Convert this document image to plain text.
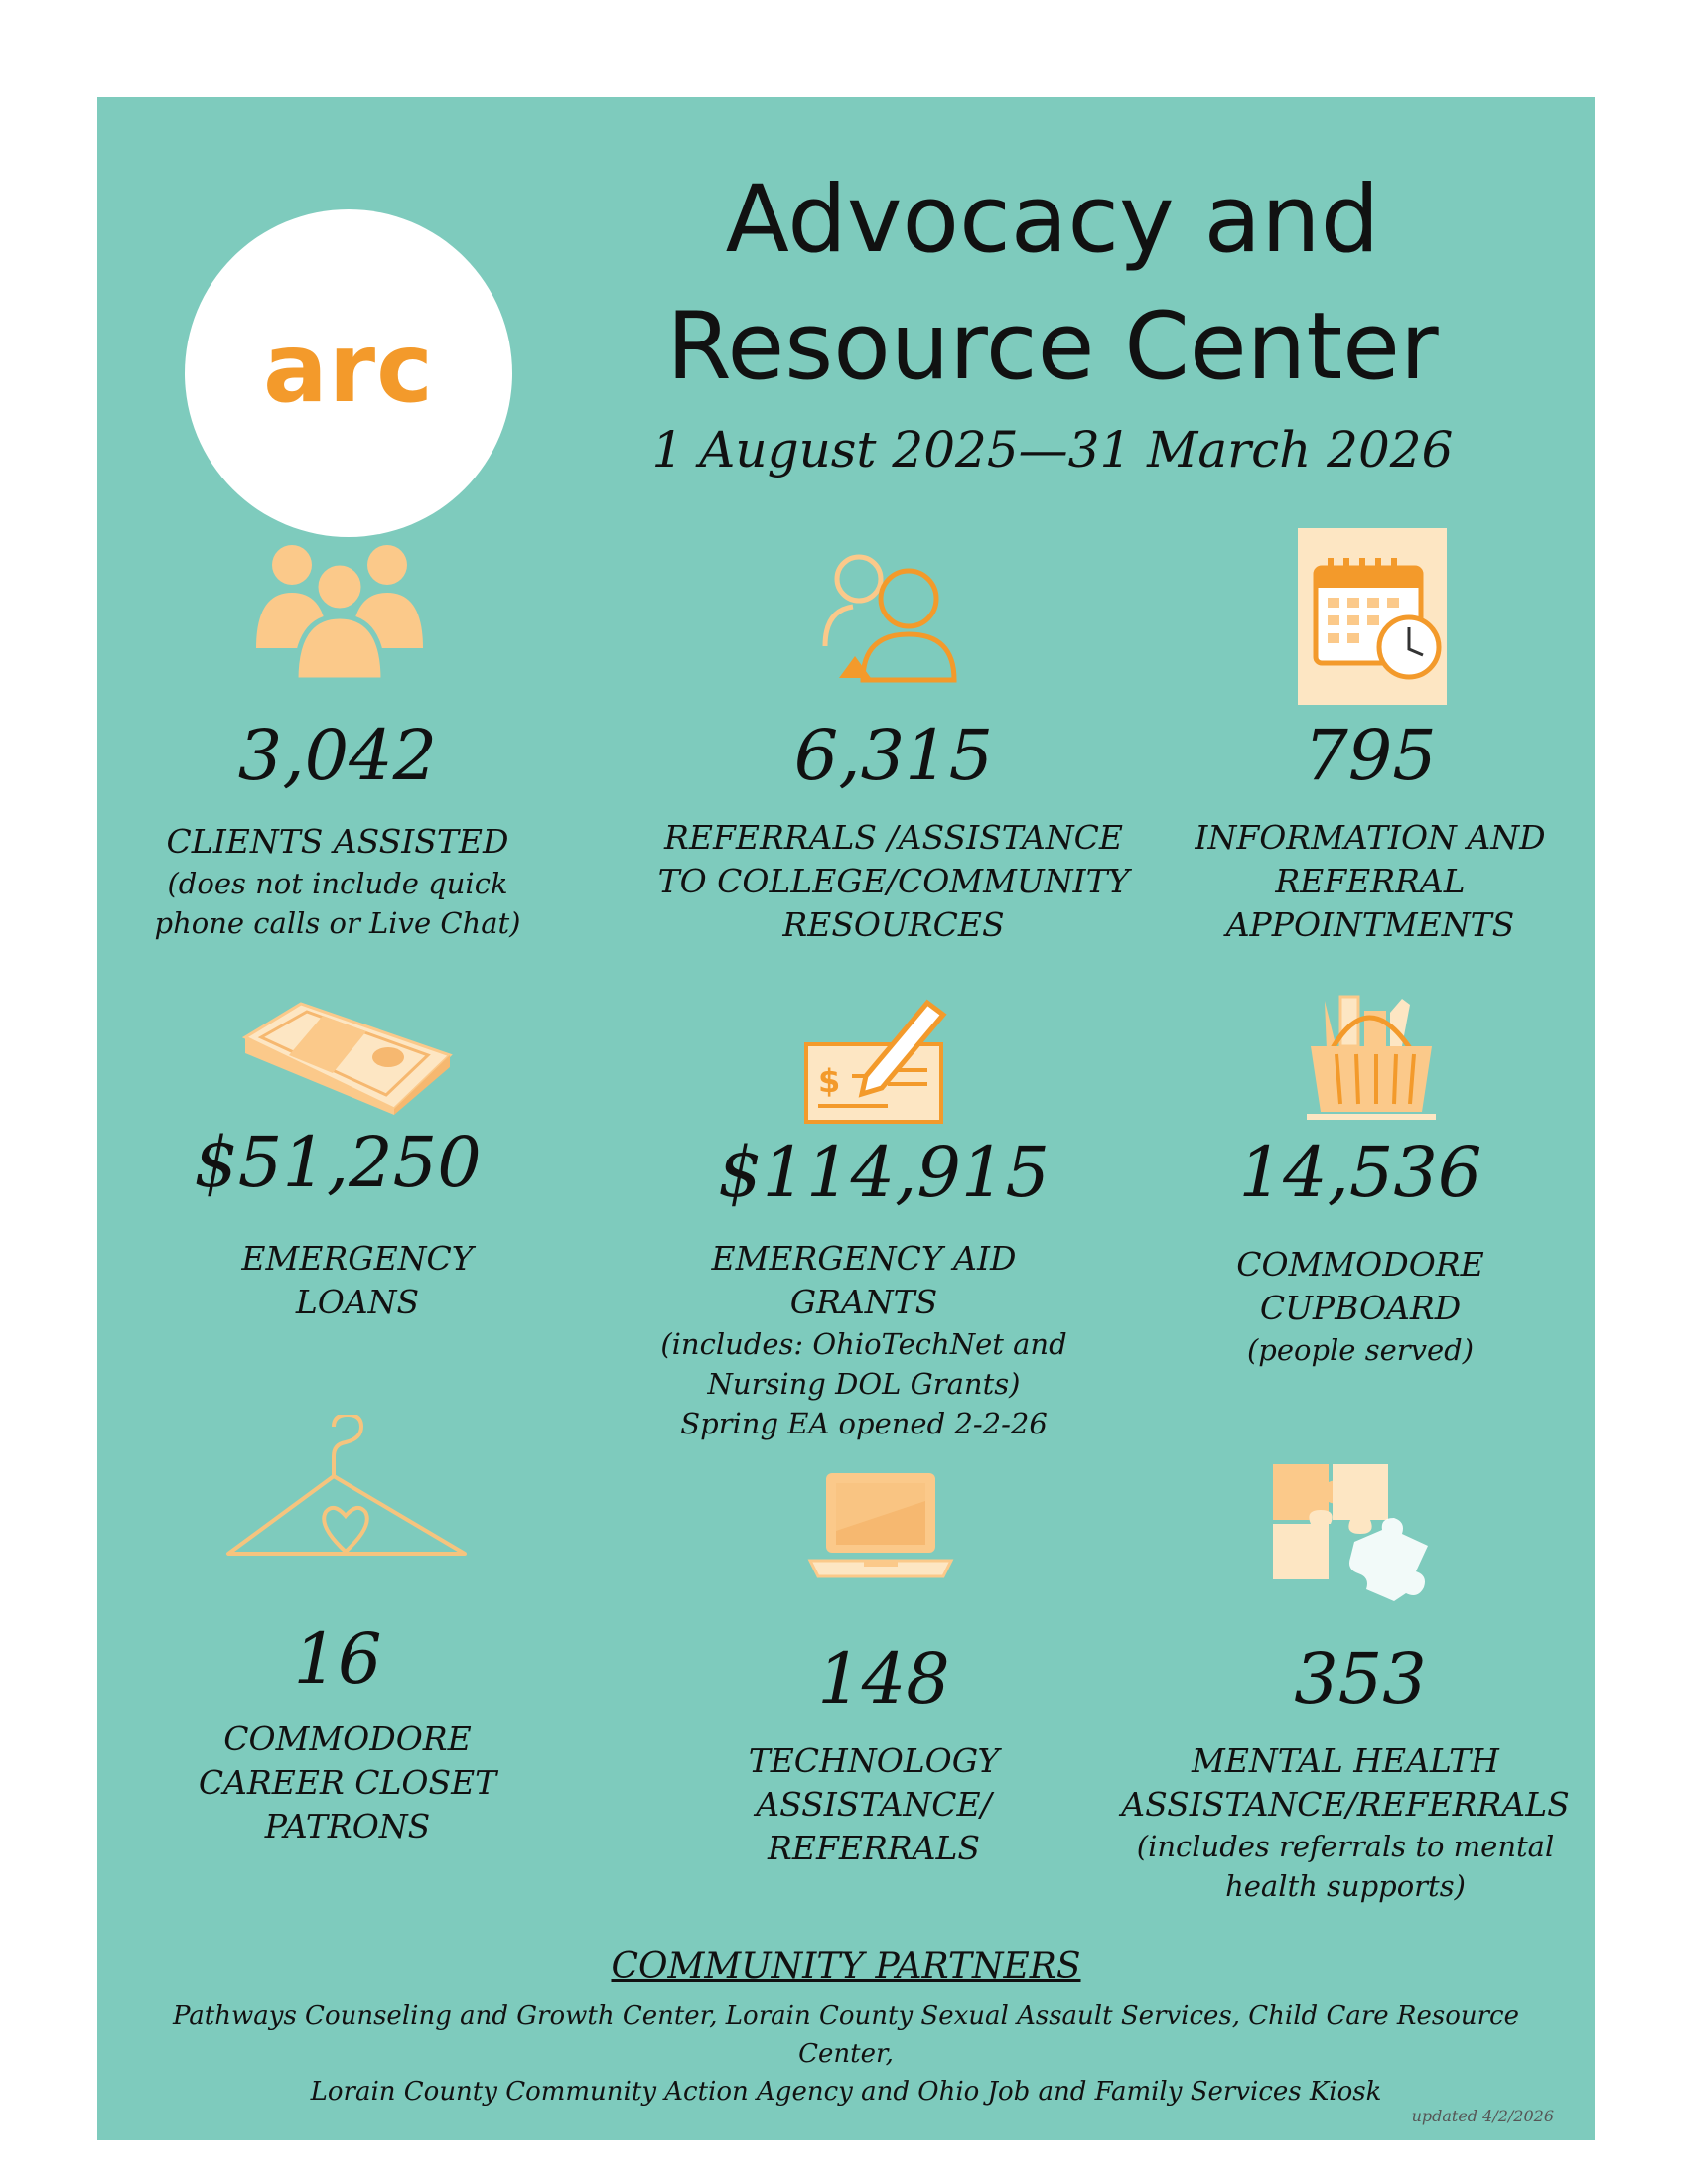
arc
Advocacy and
Resource Center
1 August 2025—31 March 2026
3,042
CLIENTS ASSISTED
(does not include quick phone calls or Live Chat)
6,315
REFERRALS /ASSISTANCE
TO COLLEGE/COMMUNITY
RESOURCES
795
INFORMATION AND
REFERRAL
APPOINTMENTS
$51,250
EMERGENCY
LOANS
$
$114,915
EMERGENCY AID
GRANTS
(includes: OhioTechNet and
Nursing DOL Grants)
Spring EA opened 2-2-26
14,536
COMMODORE
CUPBOARD
(people served)
16
COMMODORE
CAREER CLOSET
PATRONS
148
TECHNOLOGY
ASSISTANCE/
REFERRALS
353
MENTAL HEALTH
ASSISTANCE/REFERRALS
(includes referrals to mental
health supports)
COMMUNITY PARTNERS
Pathways Counseling and Growth Center, Lorain County Sexual Assault Services, Child Care Resource Center,
Lorain County Community Action Agency and Ohio Job and Family Services Kiosk
updated 4/2/2026
